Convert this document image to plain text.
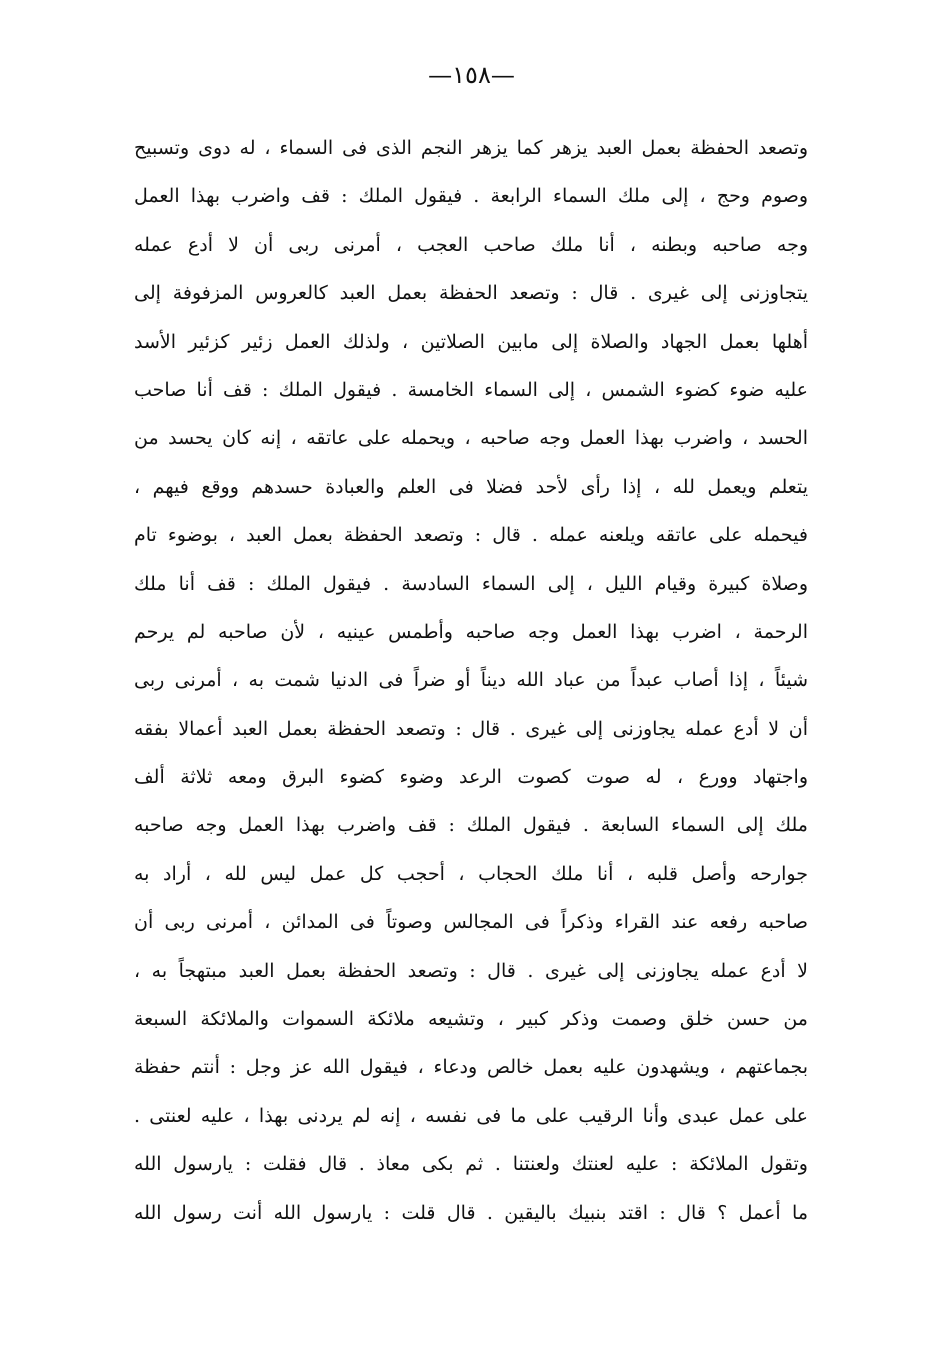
—١٥٨—
وتصعد الحفظة بعمل العبد يزهر كما يزهر النجم الذى فى السماء ، له دوى وتسبيح
وصوم وحج ، إلى ملك السماء الرابعة . فيقول الملك : قف واضرب بهذا العمل
وجه صاحبه وبطنه ، أنا ملك صاحب العجب ، أمرنى ربى أن لا أدع عمله
يتجاوزنى إلى غيرى . قال : وتصعد الحفظة بعمل العبد كالعروس المزفوفة إلى
أهلها بعمل الجهاد والصلاة إلى مابين الصلاتين ، ولذلك العمل زئير كزئير الأسد
عليه ضوء كضوء الشمس ، إلى السماء الخامسة . فيقول الملك : قف أنا صاحب
الحسد ، واضرب بهذا العمل وجه صاحبه ، ويحمله على عاتقه ، إنه كان يحسد من
يتعلم ويعمل لله ، إذا رأى لأحد فضلا فى العلم والعبادة حسدهم ووقع فيهم ،
فيحمله على عاتقه ويلعنه عمله . قال : وتصعد الحفظة بعمل العبد ، بوضوء تام
وصلاة كبيرة وقيام الليل ، إلى السماء السادسة . فيقول الملك : قف أنا ملك
الرحمة ، اضرب بهذا العمل وجه صاحبه وأطمس عينيه ، لأن صاحبه لم يرحم
شيئاً ، إذا أصاب عبداً من عباد الله ديناً أو ضراً فى الدنيا شمت به ، أمرنى ربى
أن لا أدع عمله يجاوزنى إلى غيرى . قال : وتصعد الحفظة بعمل العبد أعمالا بفقه
واجتهاد وورع ، له صوت كصوت الرعد وضوء كضوء البرق ومعه ثلاثة ألف
ملك إلى السماء السابعة . فيقول الملك : قف واضرب بهذا العمل وجه صاحبه
جوارحه وأصل قلبه ، أنا ملك الحجاب ، أحجب كل عمل ليس لله ، أراد به
صاحبه رفعه عند القراء وذكراً فى المجالس وصوتاً فى المدائن ، أمرنى ربى أن
لا أدع عمله يجاوزنى إلى غيرى . قال : وتصعد الحفظة بعمل العبد مبتهجاً به ،
من حسن خلق وصمت وذكر كبير ، وتشيعه ملائكة السموات والملائكة السبعة
بجماعتهم ، ويشهدون عليه بعمل خالص ودعاء ، فيقول الله عز وجل : أنتم حفظة
على عمل عبدى وأنا الرقيب على ما فى نفسه ، إنه لم يردنى بهذا ، عليه لعنتى .
وتقول الملائكة : عليه لعنتك ولعنتنا . ثم بكى معاذ . قال فقلت : يارسول الله
ما أعمل ؟ قال : اقتد بنبيك باليقين . قال قلت : يارسول الله أنت رسول الله
